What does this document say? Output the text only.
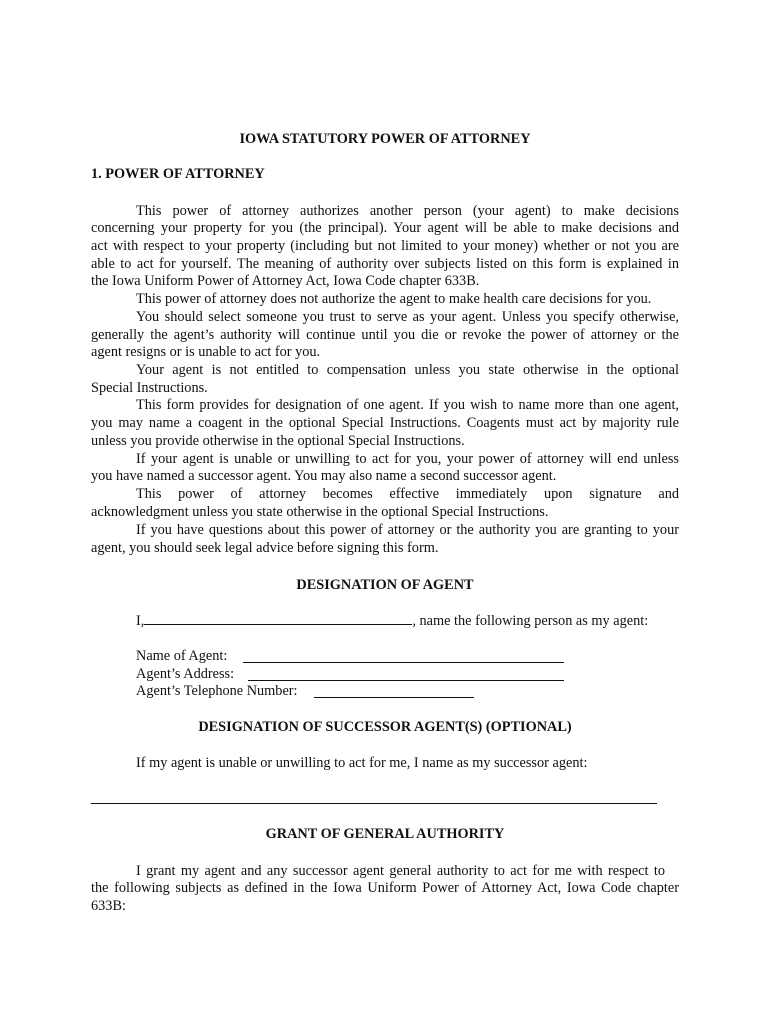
IOWA STATUTORY POWER OF ATTORNEY
1. POWER OF ATTORNEY
This power of attorney authorizes another person (your agent) to make decisions
concerning your property for you (the principal). Your agent will be able to make decisions and
act with respect to your property (including but not limited to your money) whether or not you are
able to act for yourself. The meaning of authority over subjects listed on this form is explained in
the Iowa Uniform Power of Attorney Act, Iowa Code chapter 633B.
This power of attorney does not authorize the agent to make health care decisions for you.
You should select someone you trust to serve as your agent. Unless you specify otherwise,
generally the agent’s authority will continue until you die or revoke the power of attorney or the
agent resigns or is unable to act for you.
Your agent is not entitled to compensation unless you state otherwise in the optional
Special Instructions.
This form provides for designation of one agent. If you wish to name more than one agent,
you may name a coagent in the optional Special Instructions. Coagents must act by majority rule
unless you provide otherwise in the optional Special Instructions.
If your agent is unable or unwilling to act for you, your power of attorney will end unless
you have named a successor agent. You may also name a second successor agent.
This power of attorney becomes effective immediately upon signature and
acknowledgment unless you state otherwise in the optional Special Instructions.
If you have questions about this power of attorney or the authority you are granting to your
agent, you should seek legal advice before signing this form.
DESIGNATION OF AGENT
I,	, name the following person as my agent:
Name of Agent:
Agent’s Address:
Agent’s Telephone Number:
DESIGNATION OF SUCCESSOR AGENT(S) (OPTIONAL)
If my agent is unable or unwilling to act for me, I name as my successor agent:
GRANT OF GENERAL AUTHORITY
I grant my agent and any successor agent general authority to act for me with respect to
the following subjects as defined in the Iowa Uniform Power of Attorney Act, Iowa Code chapter
633B:
